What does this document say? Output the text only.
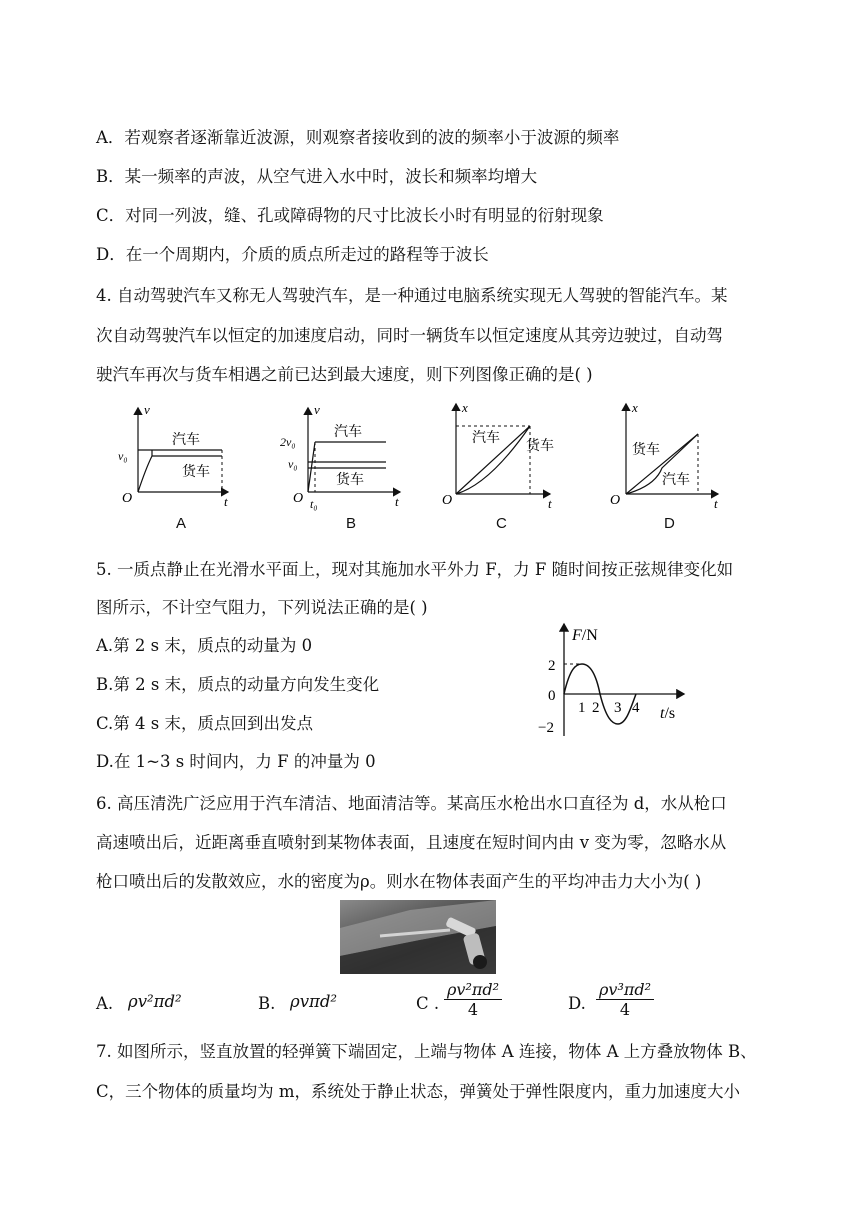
A．若观察者逐渐靠近波源，则观察者接收到的波的频率小于波源的频率
B．某一频率的声波，从空气进入水中时，波长和频率均增大
C．对同一列波，缝、孔或障碍物的尺寸比波长小时有明显的衍射现象
D．在一个周期内，介质的质点所走过的路程等于波长
4. 自动驾驶汽车又称无人驾驶汽车，是一种通过电脑系统实现无人驾驶的智能汽车。某
次自动驾驶汽车以恒定的加速度启动，同时一辆货车以恒定速度从其旁边驶过，自动驾
驶汽车再次与货车相遇之前已达到最大速度，则下列图像正确的是( )
v
O	t
v₀
汽车
货车
v
O	t
2v₀
v₀
t₀
汽车
货车
x
O	t
汽车
货车
x
O	t
货车
汽车
A	B	C	D
5. 一质点静止在光滑水平面上，现对其施加水平外力 F，力 F 随时间按正弦规律变化如
图所示，不计空气阻力，下列说法正确的是( )
A.第 2 s 末，质点的动量为 0
B.第 2 s 末，质点的动量方向发生变化
C.第 4 s 末，质点回到出发点
D.在 1~3 s 时间内，力 F 的冲量为 0
F/N
t/s
2
0
−2
1 2 3 4
6. 高压清洗广泛应用于汽车清洁、地面清洁等。某高压水枪出水口直径为 d，水从枪口
高速喷出后，近距离垂直喷射到某物体表面，且速度在短时间内由 v 变为零，忽略水从
枪口喷出后的发散效应，水的密度为ρ。则水在物体表面产生的平均冲击力大小为( )
A. ρv²πd²	B. ρvπd²	C . $\frac{\text{ρv²πd²}}{4}$	D. $\frac{\text{ρv³πd²}}{4}$
7. 如图所示，竖直放置的轻弹簧下端固定，上端与物体 A 连接，物体 A 上方叠放物体 B、
C，三个物体的质量均为 m，系统处于静止状态，弹簧处于弹性限度内，重力加速度大小
